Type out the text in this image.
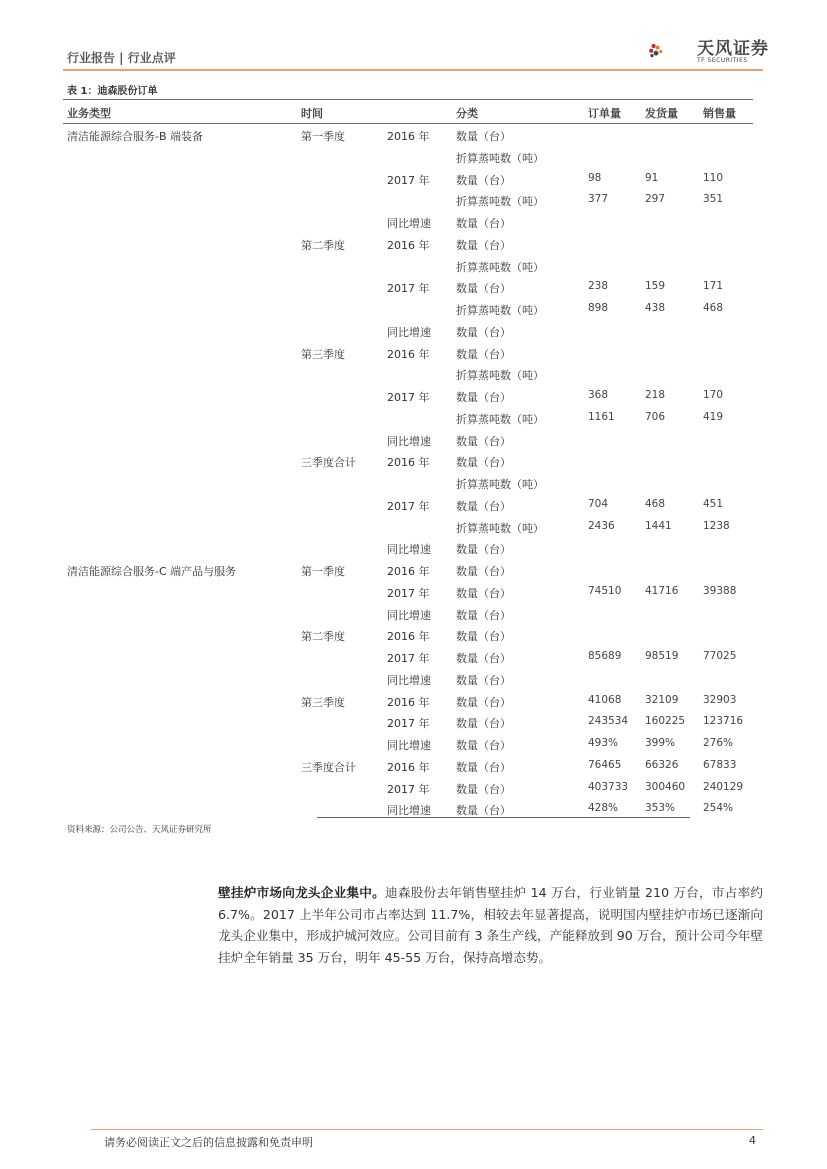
行业报告 | 行业点评	天风证券
TF SECURITIES
表 1：迪森股份订单
业务类型	时间	分类	订单量 发货量 销售量
清洁能源综合服务-B 端装备	第一季度	2016 年 数量（台）
折算蒸吨数（吨）
2017 年 数量（台）	98	91	110
折算蒸吨数（吨）	377	297	351
同比增速 数量（台）
第二季度	2016 年 数量（台）
折算蒸吨数（吨）
2017 年 数量（台）	238	159	171
折算蒸吨数（吨）	898	438	468
同比增速 数量（台）
第三季度	2016 年 数量（台）
折算蒸吨数（吨）
2017 年 数量（台）	368	218	170
折算蒸吨数（吨）	1161	706	419
同比增速 数量（台）
三季度合计	2016 年 数量（台）
折算蒸吨数（吨）
2017 年 数量（台）	704	468	451
折算蒸吨数（吨）	2436	1441	1238
同比增速 数量（台）
清洁能源综合服务-C 端产品与服务	第一季度	2016 年 数量（台）
2017 年 数量（台）	74510 41716 39388
同比增速 数量（台）
第二季度	2016 年 数量（台）
2017 年 数量（台）	85689 98519 77025
同比增速 数量（台）
第三季度	2016 年 数量（台）	41068 32109 32903
2017 年 数量（台）	243534 160225 123716
同比增速 数量（台）	493%	399%	276%
三季度合计	2016 年 数量（台）	76465 66326 67833
2017 年 数量（台）	403733 300460 240129
同比增速 数量（台）	428%	353%	254%
资料来源：公司公告、天风证券研究所
壁挂炉市场向龙头企业集中。迪森股份去年销售壁挂炉 14 万台，行业销量 210 万台，市占率约 6.7%。2017 上半年公司市占率达到 11.7%，相较去年显著提高，说明国内壁挂炉市场已逐渐向龙头企业集中，形成护城河效应。公司目前有 3 条生产线，产能释放到 90 万台，预计公司今年壁挂炉全年销量 35 万台，明年 45-55 万台，保持高增态势。
请务必阅读正文之后的信息披露和免责申明	4
